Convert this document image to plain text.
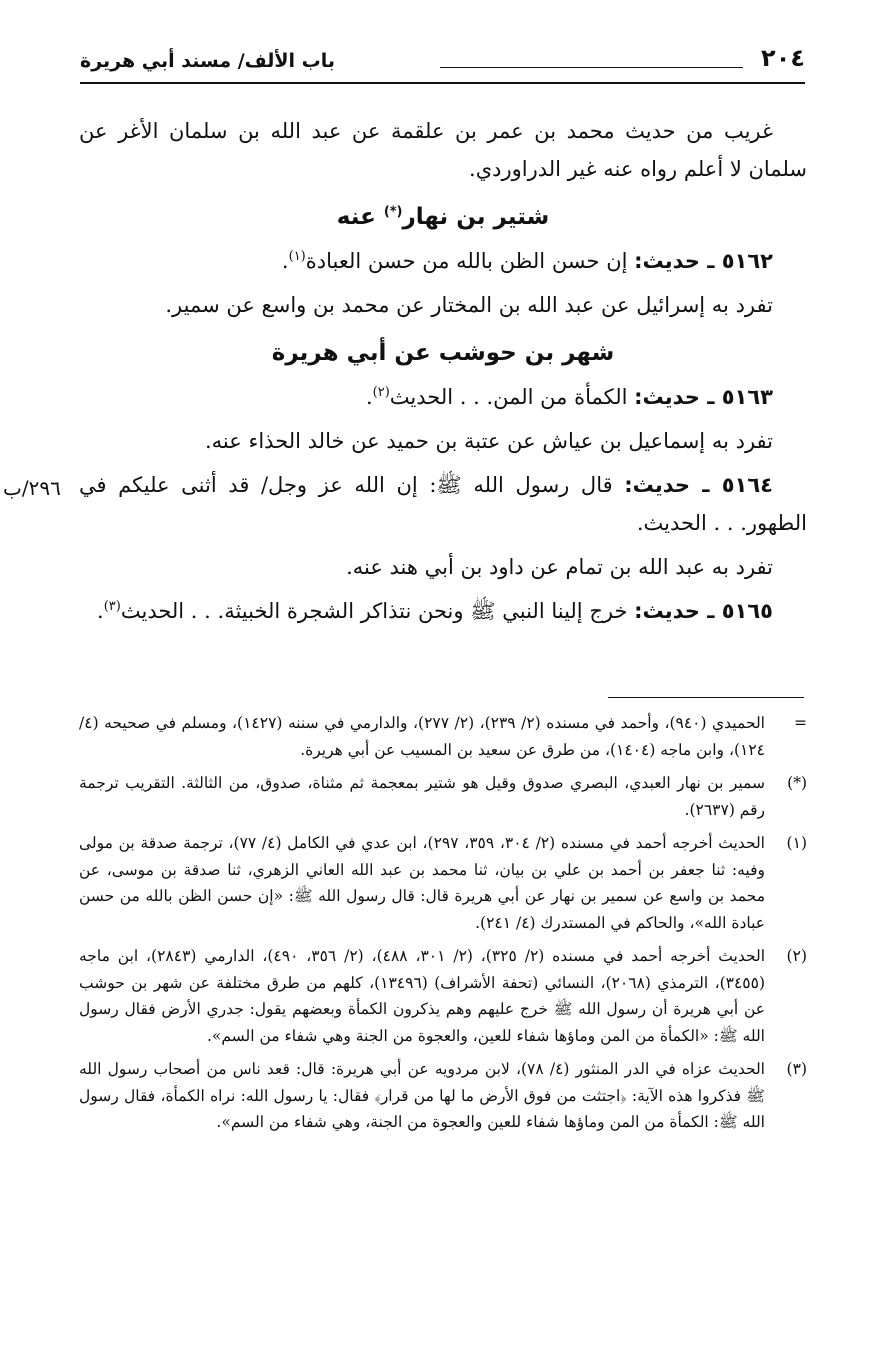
٢٠٤
باب الألف/ مسند أبي هريرة
٢٩٦/ب

غريب من حديث محمد بن عمر بن علقمة عن عبد الله بن سلمان الأغر عن سلمان لا أعلم رواه عنه غير الدراوردي.

شتير بن نهار(*) عنه

٥١٦٢ ـ حديث: إن حسن الظن بالله من حسن العبادة$^{(١)}$.

تفرد به إسرائيل عن عبد الله بن المختار عن محمد بن واسع عن سمير.

شهر بن حوشب عن أبي هريرة

٥١٦٣ ـ حديث: الكمأة من المن. . . الحديث$^{(٢)}$.

تفرد به إسماعيل بن عياش عن عتبة بن حميد عن خالد الحذاء عنه.

٥١٦٤ ـ حديث: قال رسول الله ﷺ: إن الله عز وجل/ قد أثنى عليكم في الطهور. . . الحديث.

تفرد به عبد الله بن تمام عن داود بن أبي هند عنه.

٥١٦٥ ـ حديث: خرج إلينا النبي ﷺ ونحن نتذاكر الشجرة الخبيثة. . . الحديث$^{(٣)}$.

=
الحميدي (٩٤٠)، وأحمد في مسنده (٢/ ٢٣٩)، (٢/ ٢٧٧)، والدارمي في سننه (١٤٢٧)، ومسلم في صحيحه (٤/ ١٢٤)، وابن ماجه (١٤٠٤)، من طرق عن سعيد بن المسيب عن أبي هريرة.
(*)
سمير بن نهار العبدي، البصري صدوق وقيل هو شتير بمعجمة ثم مثناة، صدوق، من الثالثة. التقريب ترجمة رقم (٢٦٣٧).
(١)
الحديث أخرجه أحمد في مسنده (٢/ ٣٠٤، ٣٥٩، ٢٩٧)، ابن عدي في الكامل (٤/ ٧٧)، ترجمة صدقة بن مولى وفيه: ثنا جعفر بن أحمد بن علي بن بيان، ثنا محمد بن عبد الله العاني الزهري، ثنا صدقة بن موسى، عن محمد بن واسع عن سمير بن نهار عن أبي هريرة قال: قال رسول الله ﷺ: «إن حسن الظن بالله من حسن عبادة الله»، والحاكم في المستدرك (٤/ ٢٤١).
(٢)
الحديث أخرجه أحمد في مسنده (٢/ ٣٢٥)، (٢/ ٣٠١، ٤٨٨)، (٢/ ٣٥٦، ٤٩٠)، الدارمي (٢٨٤٣)، ابن ماجه (٣٤٥٥)، الترمذي (٢٠٦٨)، النسائي (تحفة الأشراف) (١٣٤٩٦)، كلهم من طرق مختلفة عن شهر بن حوشب عن أبي هريرة أن رسول الله ﷺ خرج عليهم وهم يذكرون الكمأة وبعضهم يقول: جدري الأرض فقال رسول الله ﷺ: «الكمأة من المن وماؤها شفاء للعين، والعجوة من الجنة وهي شفاء من السم».
(٣)
الحديث عزاه في الدر المنثور (٤/ ٧٨)، لابن مردويه عن أبي هريرة: قال: قعد ناس من أصحاب رسول الله ﷺ فذكروا هذه الآية: ﴿اجتثت من فوق الأرض ما لها من قرار﴾ فقال: يا رسول الله: نراه الكمأة، فقال رسول الله ﷺ: الكمأة من المن وماؤها شفاء للعين والعجوة من الجنة، وهي شفاء من السم».
